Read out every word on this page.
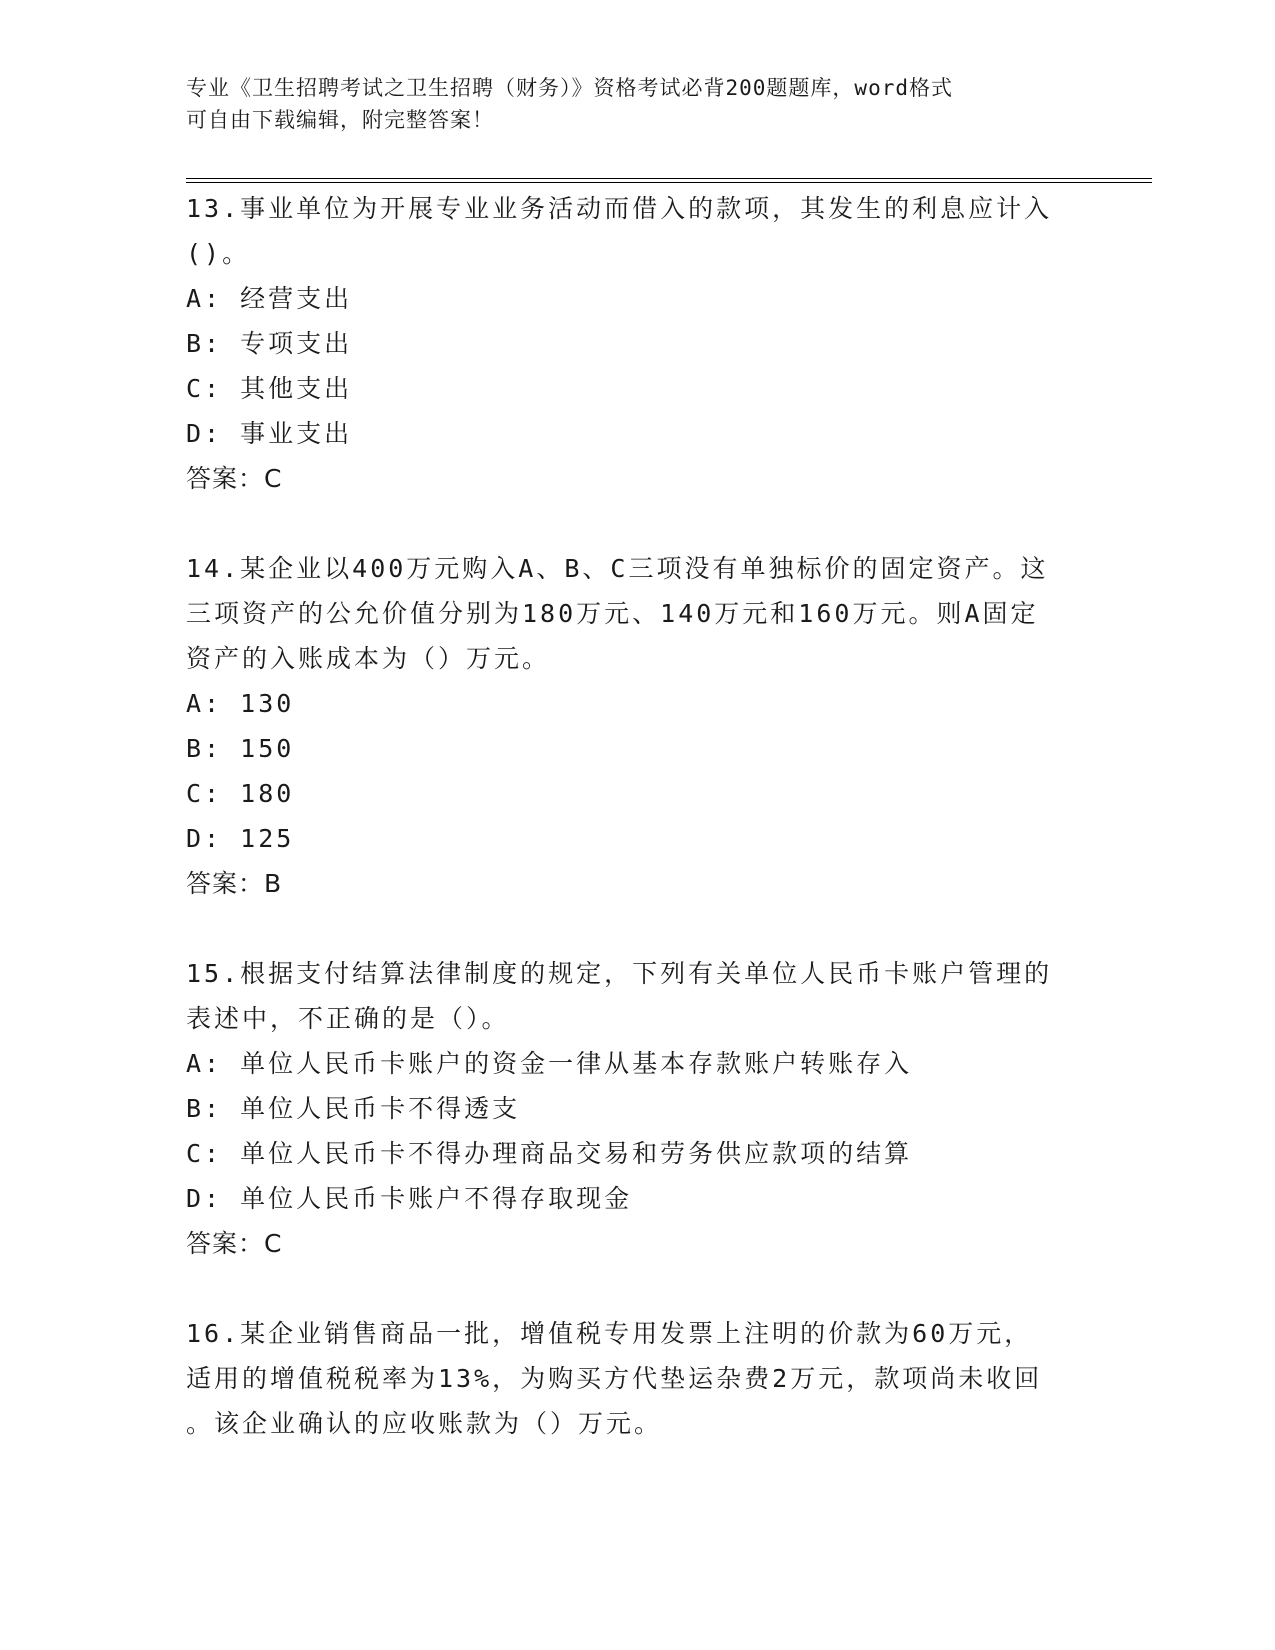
专业《卫生招聘考试之卫生招聘（财务）》资格考试必背200题题库，word格式
可自由下载编辑，附完整答案！
13.事业单位为开展专业业务活动而借入的款项，其发生的利息应计入
()。
A: 经营支出
B: 专项支出
C: 其他支出
D: 事业支出
答案：C
14.某企业以400万元购入A、B、C三项没有单独标价的固定资产。这
三项资产的公允价值分别为180万元、140万元和160万元。则A固定
资产的入账成本为（）万元。
A: 130
B: 150
C: 180
D: 125
答案：B
15.根据支付结算法律制度的规定，下列有关单位人民币卡账户管理的
表述中，不正确的是（）。
A: 单位人民币卡账户的资金一律从基本存款账户转账存入
B: 单位人民币卡不得透支
C: 单位人民币卡不得办理商品交易和劳务供应款项的结算
D: 单位人民币卡账户不得存取现金
答案：C
16.某企业销售商品一批，增值税专用发票上注明的价款为60万元，
适用的增值税税率为13%，为购买方代垫运杂费2万元，款项尚未收回
。该企业确认的应收账款为（）万元。
